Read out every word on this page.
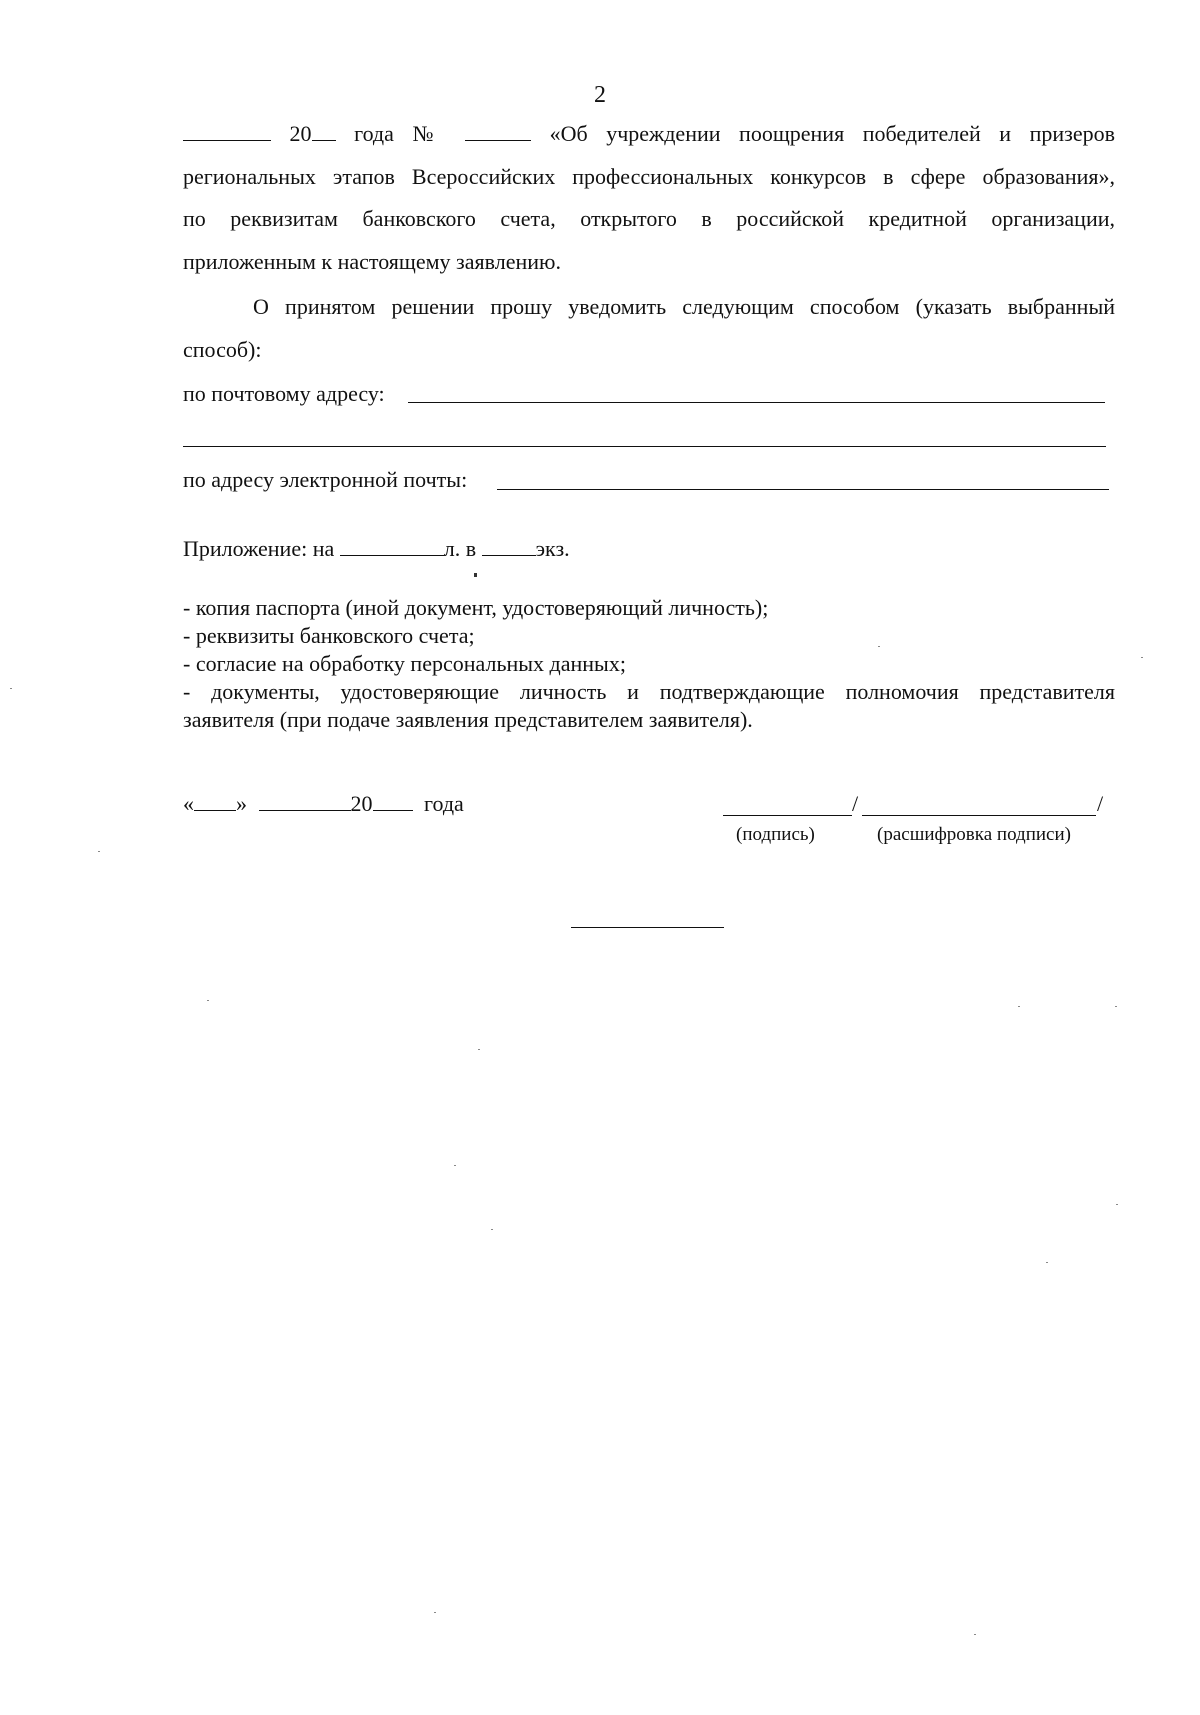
2
20 года №	«Об учреждении поощрения победителей и призеров
региональных этапов Всероссийских профессиональных конкурсов в сфере образования»,
по реквизитам банковского счета, открытого в российской кредитной организации,
приложенным к настоящему заявлению.
О принятом решении прошу уведомить следующим способом (указать выбранный
способ):
по почтовому адресу:
по адресу электронной почты:
Приложение: на	л. в	экз.
- копия паспорта (иной документ, удостоверяющий личность);
- реквизиты банковского счета;
- согласие на обработку персональных данных;
- документы, удостоверяющие личность и подтверждающие полномочия представителя
заявителя (при подаче заявления представителем заявителя).
« »	20 года	/	/
(подпись)	(расшифровка подписи)
